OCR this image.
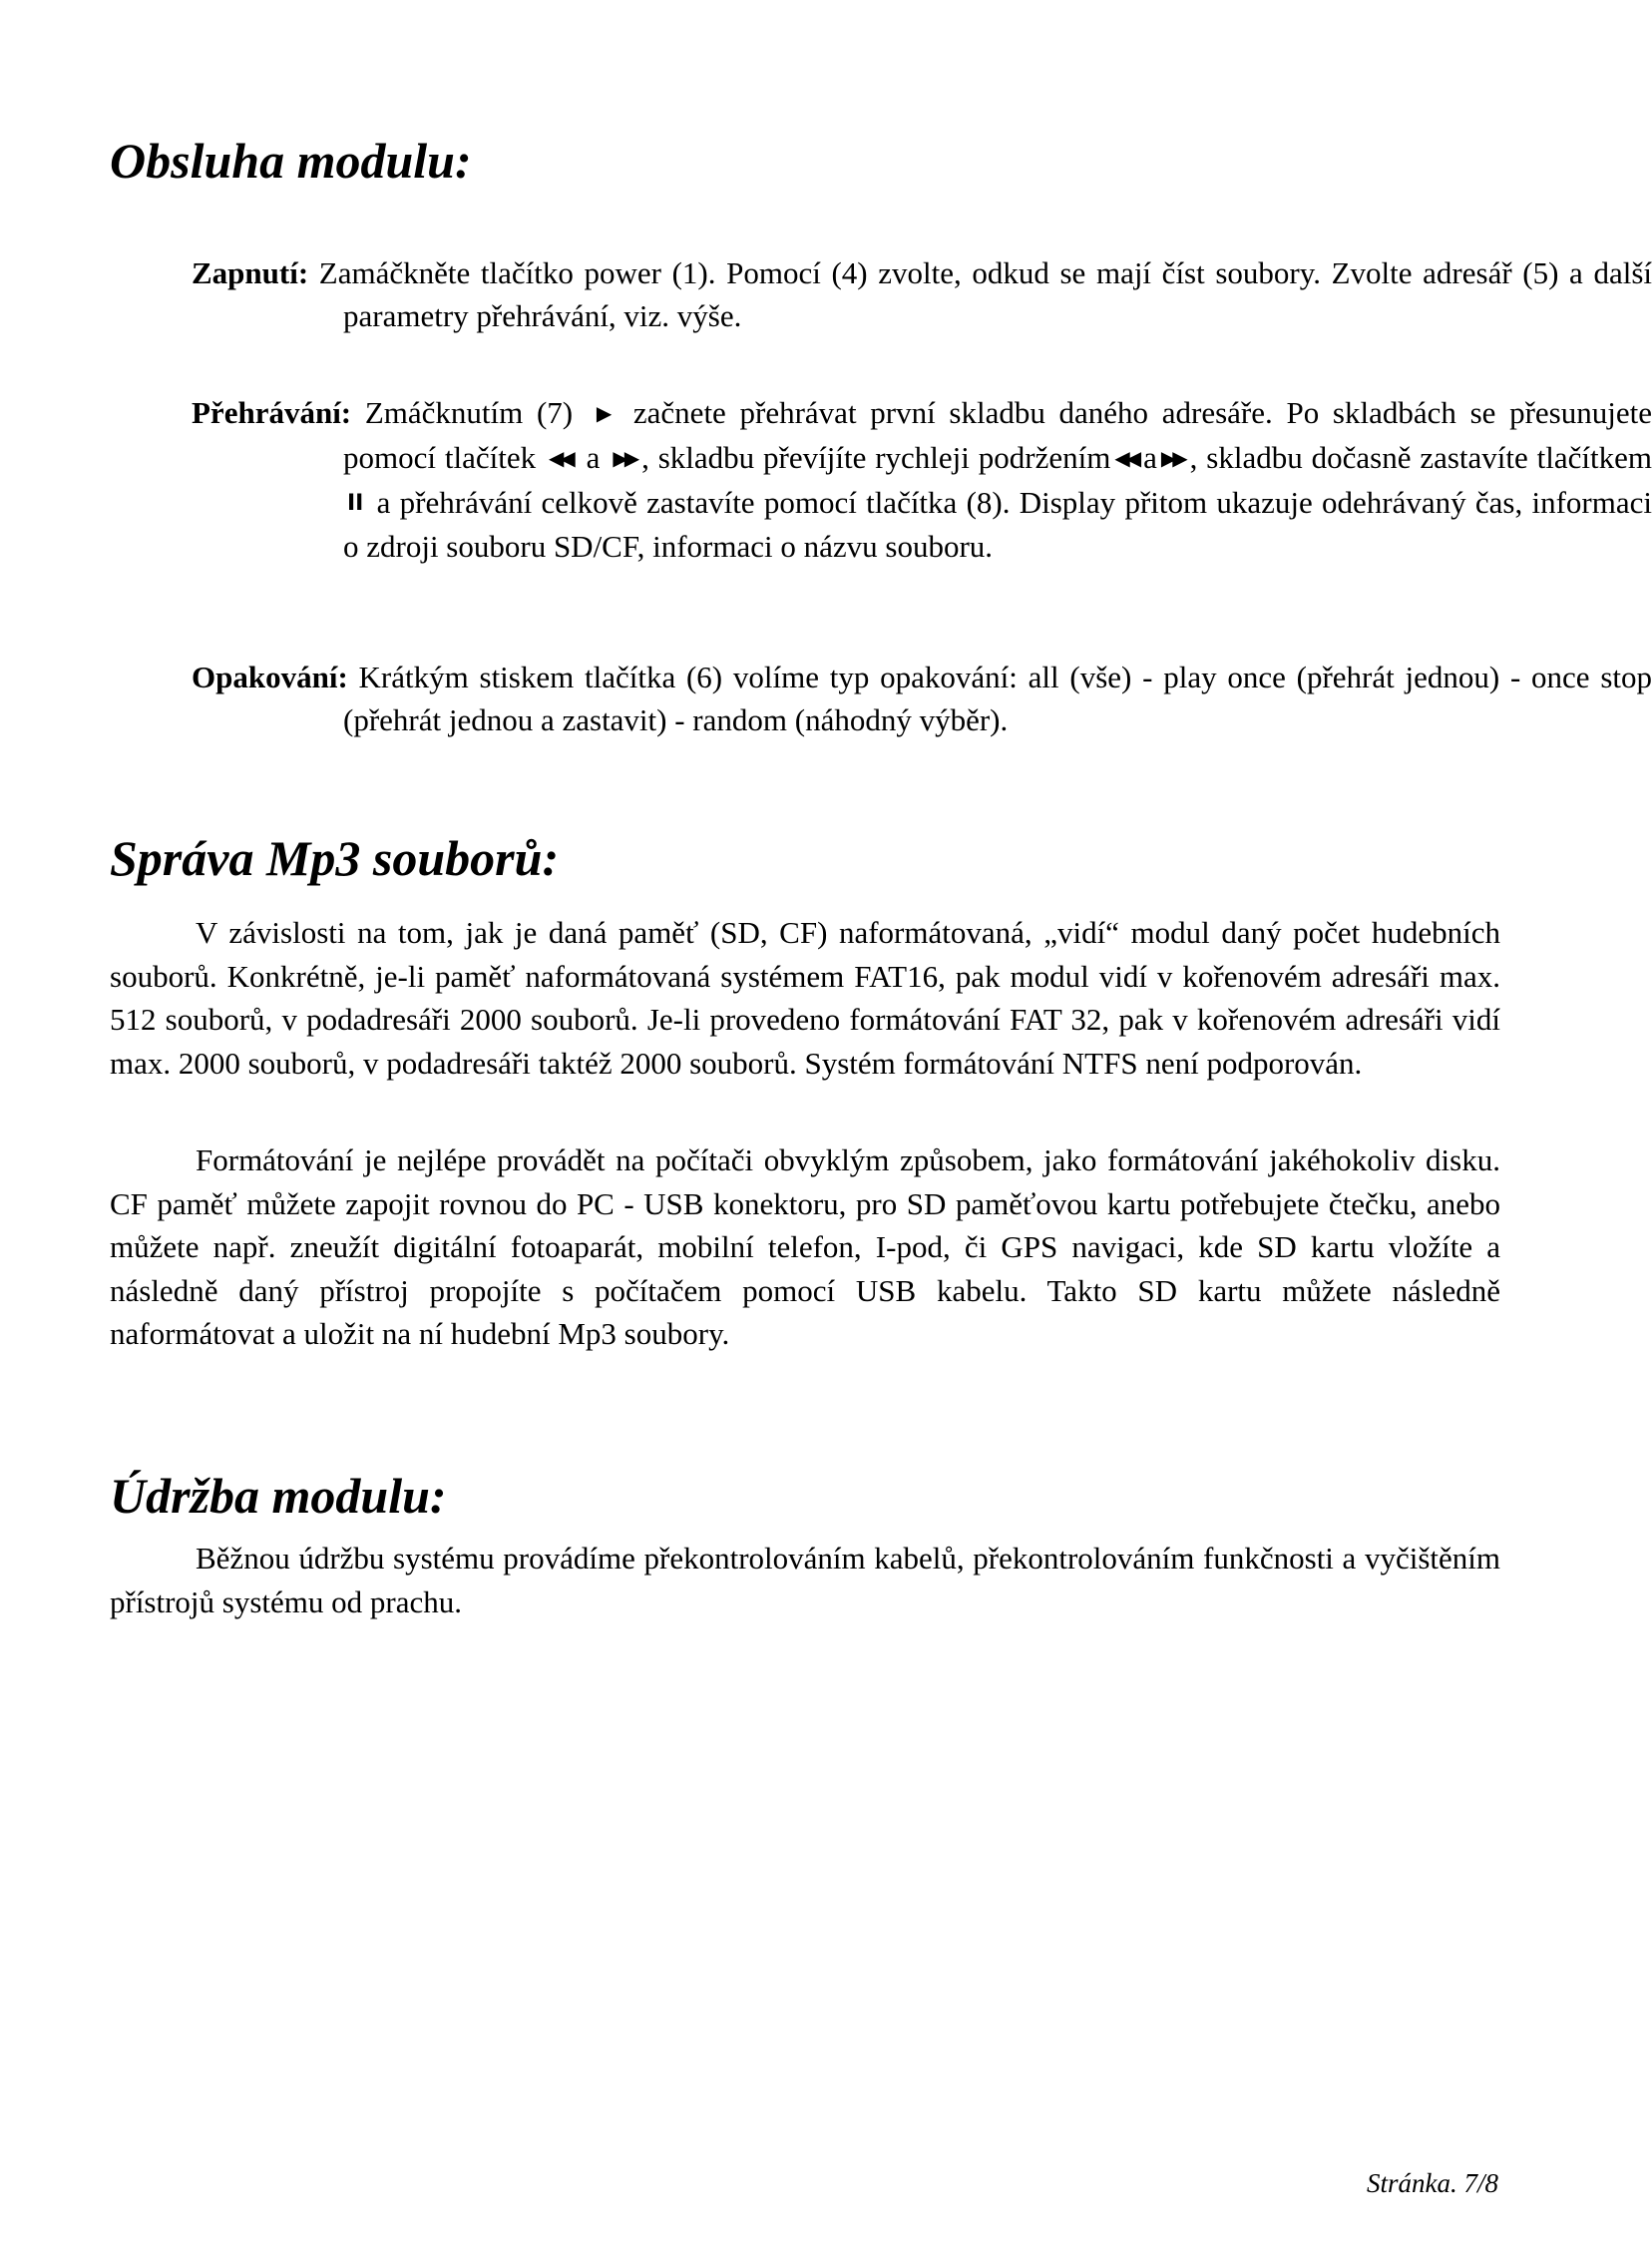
Obsluha modulu:

Zapnutí: Zamáčkněte tlačítko power (1). Pomocí (4) zvolte, odkud se mají číst soubory. Zvolte adresář (5) a další parametry přehrávání, viz. výše.

Přehrávání: Zmáčknutím (7) ▶ začnete přehrávat první skladbu daného adresáře. Po skladbách se přesunujete pomocí tlačítek ◀◀ a ▶▶ , skladbu převíjíte rychleji podržením ◀◀ a ▶▶ , skladbu dočasně zastavíte tlačítkem II a přehrávání celkově zastavíte pomocí tlačítka (8). Display přitom ukazuje odehrávaný čas, informaci o zdroji souboru SD/CF, informaci o názvu souboru.

Opakování: Krátkým stiskem tlačítka (6) volíme typ opakování: all (vše) - play once (přehrát jednou) - once stop (přehrát jednou a zastavit) - random (náhodný výběr).

Správa Mp3 souborů:

V závislosti na tom, jak je daná paměť (SD, CF) naformátovaná, „vidí“ modul daný počet hudebních souborů. Konkrétně, je-li paměť naformátovaná systémem FAT16, pak modul vidí v kořenovém adresáři max. 512 souborů, v podadresáři 2000 souborů. Je-li provedeno formátování FAT 32, pak v kořenovém adresáři vidí max. 2000 souborů, v podadresáři taktéž 2000 souborů. Systém formátování NTFS není podporován.

Formátování je nejlépe provádět na počítači obvyklým způsobem, jako formátování jakéhokoliv disku. CF paměť můžete zapojit rovnou do PC - USB konektoru, pro SD paměťovou kartu potřebujete čtečku, anebo můžete např. zneužít digitální fotoaparát, mobilní telefon, I-pod, či GPS navigaci, kde SD kartu vložíte a následně daný přístroj propojíte s počítačem pomocí USB kabelu. Takto SD kartu můžete následně naformátovat a uložit na ní hudební Mp3 soubory.

Údržba modulu:

Běžnou údržbu systému provádíme překontrolováním kabelů, překontrolováním funkčnosti a vyčištěním přístrojů systému od prachu.

Stránka. 7/8
